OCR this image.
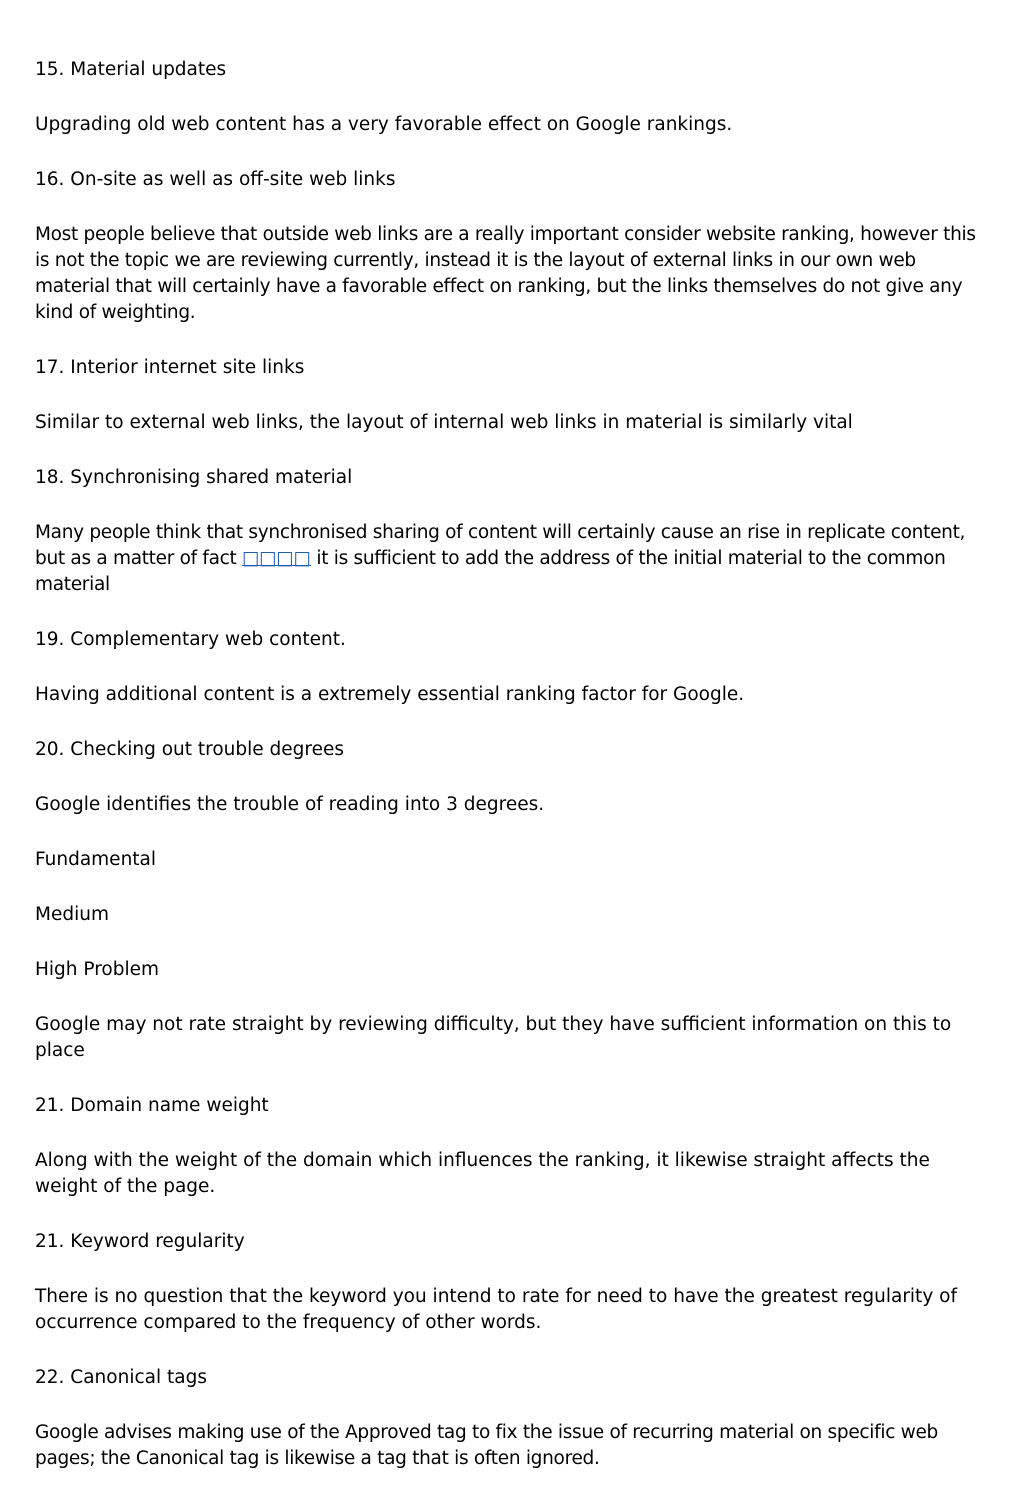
15. Material updates

Upgrading old web content has a very favorable effect on Google rankings.

16. On-site as well as off-site web links

Most people believe that outside web links are a really important consider website ranking, however this is not the topic we are reviewing currently, instead it is the layout of external links in our own web material that will certainly have a favorable effect on ranking, but the links themselves do not give any kind of weighting.

17. Interior internet site links

Similar to external web links, the layout of internal web links in material is similarly vital

18. Synchronising shared material

Many people think that synchronised sharing of content will certainly cause an rise in replicate content, but as a matter of fact □□□□ it is sufficient to add the address of the initial material to the common material

19. Complementary web content.

Having additional content is a extremely essential ranking factor for Google.

20. Checking out trouble degrees

Google identifies the trouble of reading into 3 degrees.

Fundamental

Medium

High Problem

Google may not rate straight by reviewing difficulty, but they have sufficient information on this to place

21. Domain name weight

Along with the weight of the domain which influences the ranking, it likewise straight affects the weight of the page.

21. Keyword regularity

There is no question that the keyword you intend to rate for need to have the greatest regularity of occurrence compared to the frequency of other words.

22. Canonical tags

Google advises making use of the Approved tag to fix the issue of recurring material on specific web pages; the Canonical tag is likewise a tag that is often ignored.
